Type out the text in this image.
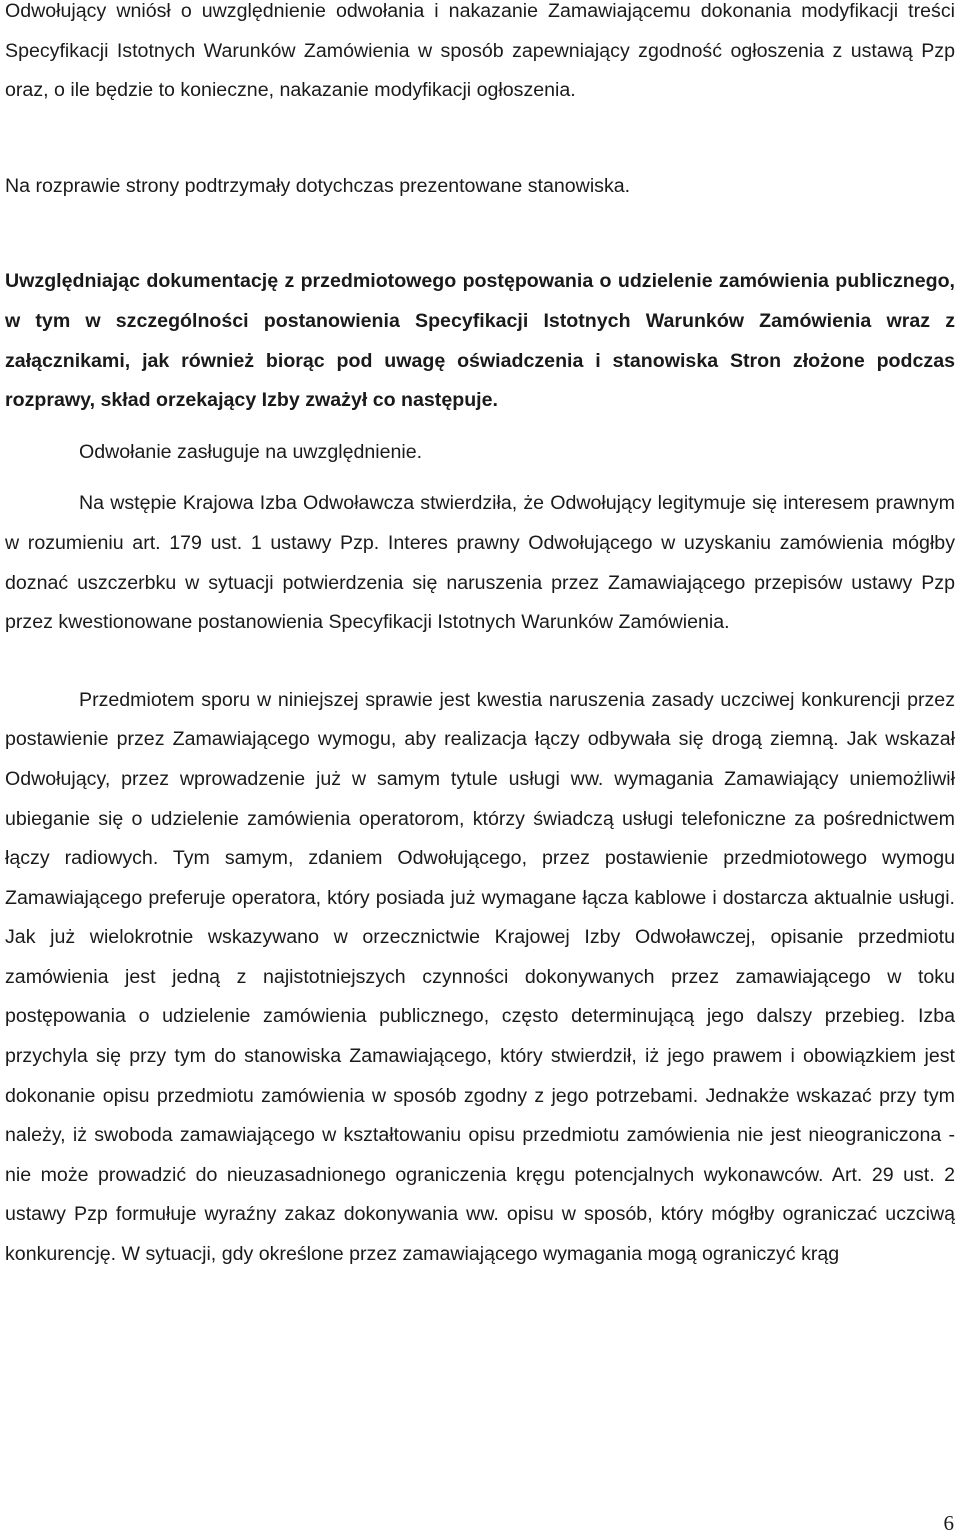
Odwołujący wniósł o uwzględnienie odwołania i nakazanie Zamawiającemu dokonania modyfikacji treści Specyfikacji Istotnych Warunków Zamówienia w sposób zapewniający zgodność ogłoszenia z ustawą Pzp oraz, o ile będzie to konieczne, nakazanie modyfikacji ogłoszenia.

Na rozprawie strony podtrzymały dotychczas prezentowane stanowiska.

Uwzględniając dokumentację z przedmiotowego postępowania o udzielenie zamówienia publicznego, w tym w szczególności postanowienia Specyfikacji Istotnych Warunków Zamówienia wraz z załącznikami, jak również biorąc pod uwagę oświadczenia i stanowiska Stron złożone podczas rozprawy, skład orzekający Izby zważył co następuje.

Odwołanie zasługuje na uwzględnienie.

Na wstępie Krajowa Izba Odwoławcza stwierdziła, że Odwołujący legitymuje się interesem prawnym w rozumieniu art. 179 ust. 1 ustawy Pzp. Interes prawny Odwołującego w uzyskaniu zamówienia mógłby doznać uszczerbku w sytuacji potwierdzenia się naruszenia przez Zamawiającego przepisów ustawy Pzp przez kwestionowane postanowienia Specyfikacji Istotnych Warunków Zamówienia.

Przedmiotem sporu w niniejszej sprawie jest kwestia naruszenia zasady uczciwej konkurencji przez postawienie przez Zamawiającego wymogu, aby realizacja łączy odbywała się drogą ziemną. Jak wskazał Odwołujący, przez wprowadzenie już w samym tytule usługi ww. wymagania Zamawiający uniemożliwił ubieganie się o udzielenie zamówienia operatorom, którzy świadczą usługi telefoniczne za pośrednictwem łączy radiowych. Tym samym, zdaniem Odwołującego, przez postawienie przedmiotowego wymogu Zamawiającego preferuje operatora, który posiada już wymagane łącza kablowe i dostarcza aktualnie usługi. Jak już wielokrotnie wskazywano w orzecznictwie Krajowej Izby Odwoławczej, opisanie przedmiotu zamówienia jest jedną z najistotniejszych czynności dokonywanych przez zamawiającego w toku postępowania o udzielenie zamówienia publicznego, często determinującą jego dalszy przebieg. Izba przychyla się przy tym do stanowiska Zamawiającego, który stwierdził, iż jego prawem i obowiązkiem jest dokonanie opisu przedmiotu zamówienia w sposób zgodny z jego potrzebami. Jednakże wskazać przy tym należy, iż swoboda zamawiającego w kształtowaniu opisu przedmiotu zamówienia nie jest nieograniczona - nie może prowadzić do nieuzasadnionego ograniczenia kręgu potencjalnych wykonawców. Art. 29 ust. 2 ustawy Pzp formułuje wyraźny zakaz dokonywania ww. opisu w sposób, który mógłby ograniczać uczciwą konkurencję. W sytuacji, gdy określone przez zamawiającego wymagania mogą ograniczyć krąg

6
